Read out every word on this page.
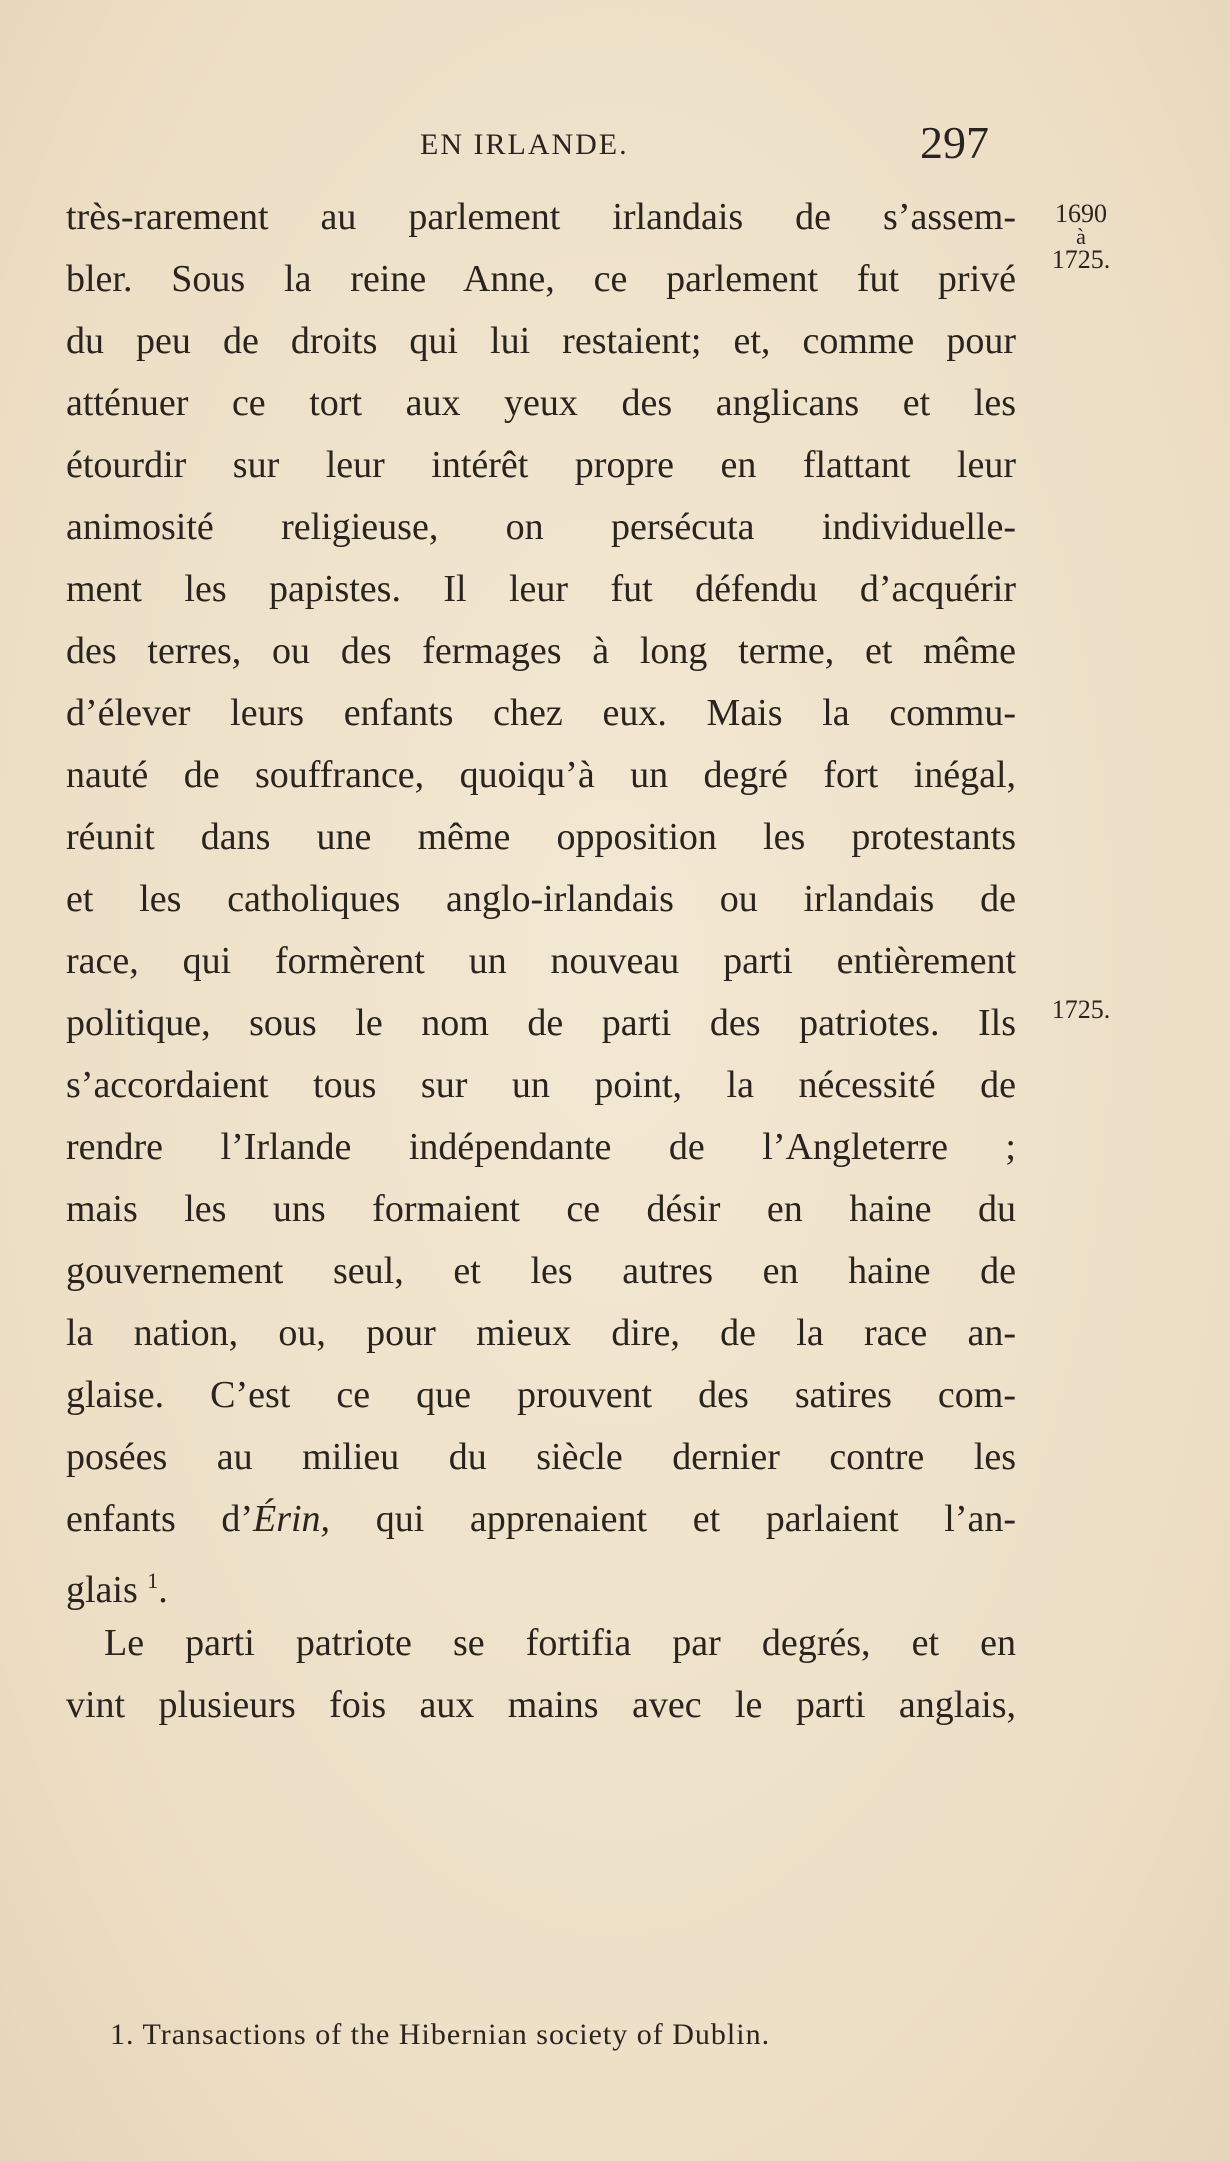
EN IRLANDE.	297
1690
à
1725.
1725.
très-rarement au parlement irlandais de s’assem-
bler. Sous la reine Anne, ce parlement fut privé
du peu de droits qui lui restaient; et, comme pour
atténuer ce tort aux yeux des anglicans et les
étourdir sur leur intérêt propre en flattant leur
animosité religieuse, on persécuta individuelle-
ment les papistes. Il leur fut défendu d’acquérir
des terres, ou des fermages à long terme, et même
d’élever leurs enfants chez eux. Mais la commu-
nauté de souffrance, quoiqu’à un degré fort inégal,
réunit dans une même opposition les protestants
et les catholiques anglo-irlandais ou irlandais de
race, qui formèrent un nouveau parti entièrement
politique, sous le nom de parti des patriotes. Ils
s’accordaient tous sur un point, la nécessité de
rendre l’Irlande indépendante de l’Angleterre ;
mais les uns formaient ce désir en haine du
gouvernement seul, et les autres en haine de
la nation, ou, pour mieux dire, de la race an-
glaise. C’est ce que prouvent des satires com-
posées au milieu du siècle dernier contre les
enfants d’Érin, qui apprenaient et parlaient l’an-
glais $^1$.
Le parti patriote se fortifia par degrés, et en
vint plusieurs fois aux mains avec le parti anglais,
1. Transactions of the Hibernian society of Dublin.
